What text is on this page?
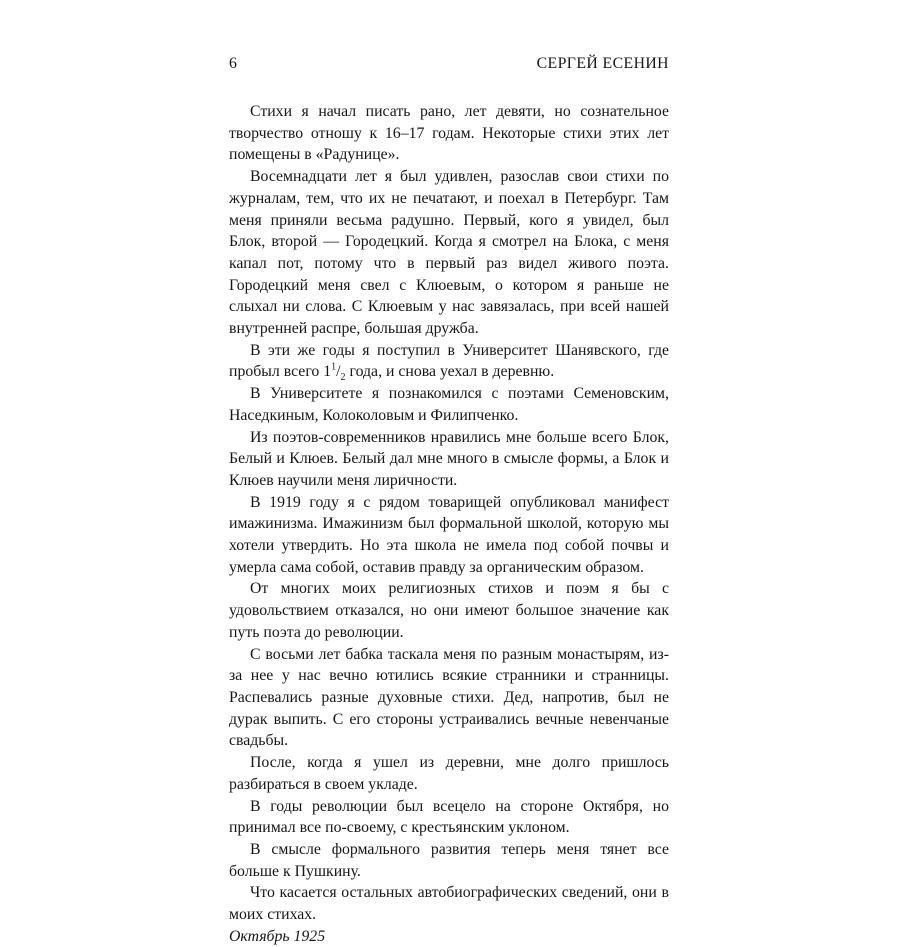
6	СЕРГЕЙ ЕСЕНИН

Стихи я начал писать рано, лет девяти, но сознательное творчество отношу к 16–17 годам. Некоторые стихи этих лет помещены в «Радунице».

Восемнадцати лет я был удивлен, разослав свои стихи по журналам, тем, что их не печатают, и поехал в Петербург. Там меня приняли весьма радушно. Первый, кого я увидел, был Блок, второй — Городецкий. Когда я смотрел на Блока, с меня капал пот, потому что в первый раз видел живого поэта. Городецкий меня свел с Клюевым, о котором я раньше не слыхал ни слова. С Клюевым у нас завязалась, при всей нашей внутренней распре, большая дружба.

В эти же годы я поступил в Университет Шанявского, где пробыл всего $1^1/_2$ года, и снова уехал в деревню.

В Университете я познакомился с поэтами Семеновским, Наседкиным, Колоколовым и Филипченко.

Из поэтов-современников нравились мне больше всего Блок, Белый и Клюев. Белый дал мне много в смысле формы, а Блок и Клюев научили меня лиричности.

В 1919 году я с рядом товарищей опубликовал манифест имажинизма. Имажинизм был формальной школой, которую мы хотели утвердить. Но эта школа не имела под собой почвы и умерла сама собой, оставив правду за органическим образом.

От многих моих религиозных стихов и поэм я бы с удовольствием отказался, но они имеют большое значение как путь поэта до революции.

С восьми лет бабка таскала меня по разным монастырям, из-за нее у нас вечно ютились всякие странники и странницы. Распевались разные духовные стихи. Дед, напротив, был не дурак выпить. С его стороны устраивались вечные невенчаные свадьбы.

После, когда я ушел из деревни, мне долго пришлось разбираться в своем укладе.

В годы революции был всецело на стороне Октября, но принимал все по-своему, с крестьянским уклоном.

В смысле формального развития теперь меня тянет все больше к Пушкину.

Что касается остальных автобиографических сведений, они в моих стихах.

Октябрь 1925
